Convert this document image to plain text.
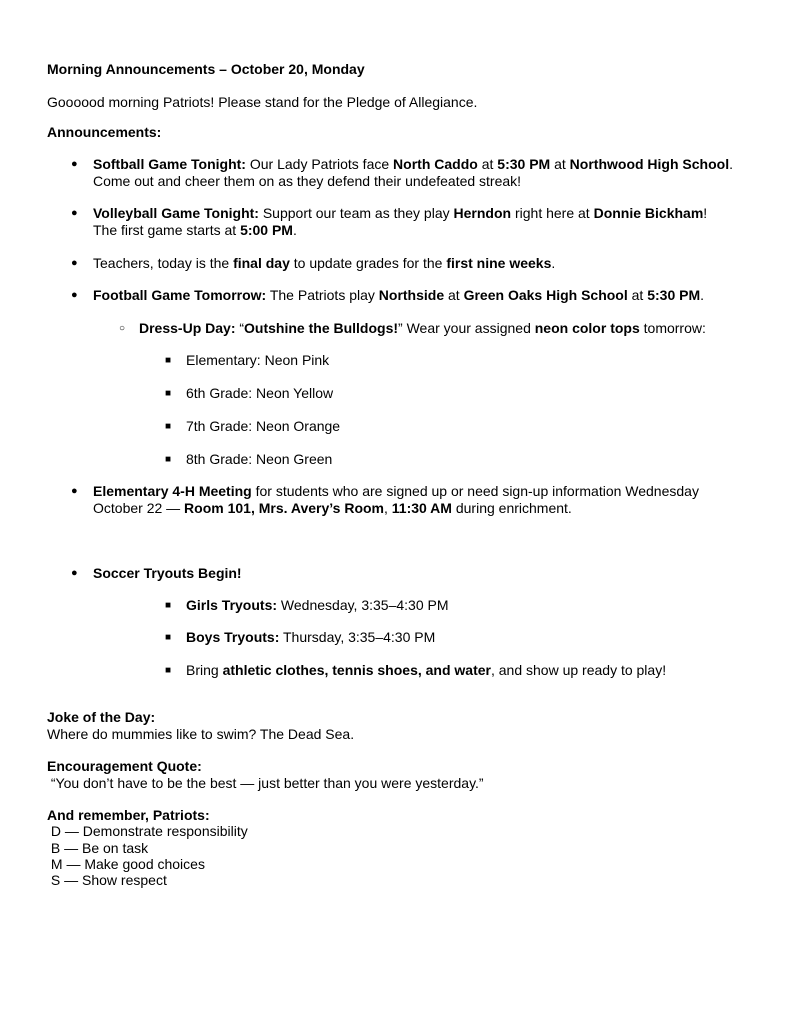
Morning Announcements – October 20, Monday
Goooood morning Patriots! Please stand for the Pledge of Allegiance.
Announcements:
● Softball Game Tonight: Our Lady Patriots face North Caddo at 5:30 PM at Northwood High School.
Come out and cheer them on as they defend their undefeated streak!
● Volleyball Game Tonight: Support our team as they play Herndon right here at Donnie Bickham!
The first game starts at 5:00 PM.
● Teachers, today is the final day to update grades for the first nine weeks.
● Football Game Tomorrow: The Patriots play Northside at Green Oaks High School at 5:30 PM.
○ Dress-Up Day: “Outshine the Bulldogs!” Wear your assigned neon color tops tomorrow:
■ Elementary: Neon Pink
■ 6th Grade: Neon Yellow
■ 7th Grade: Neon Orange
■ 8th Grade: Neon Green
● Elementary 4-H Meeting for students who are signed up or need sign-up information Wednesday
October 22 — Room 101, Mrs. Avery’s Room, 11:30 AM during enrichment.
● Soccer Tryouts Begin!
■ Girls Tryouts: Wednesday, 3:35–4:30 PM
■ Boys Tryouts: Thursday, 3:35–4:30 PM
■ Bring athletic clothes, tennis shoes, and water, and show up ready to play!
Joke of the Day:
Where do mummies like to swim? The Dead Sea.
Encouragement Quote:
“You don’t have to be the best — just better than you were yesterday.”
And remember, Patriots:
D — Demonstrate responsibility
B — Be on task
M — Make good choices
S — Show respect
